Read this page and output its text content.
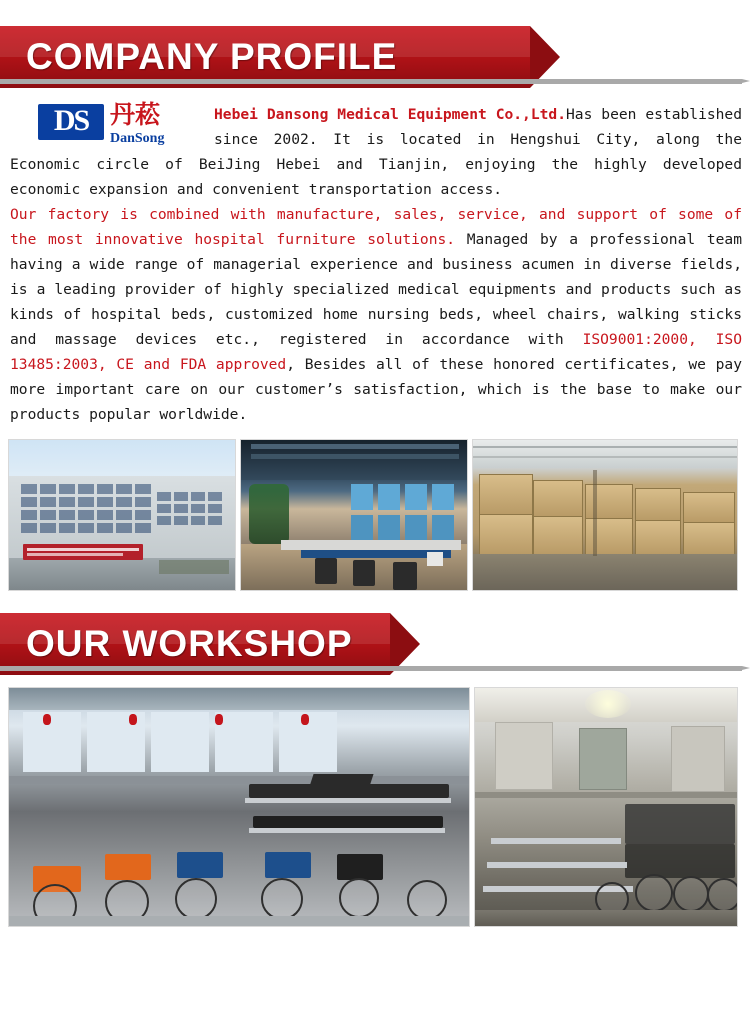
COMPANY PROFILE
DS 丹菘
DanSong
Hebei Dansong Medical Equipment Co.,Ltd.Has been established since 2002. It is located in Hengshui City, along the Economic circle of BeiJing Hebei and Tianjin, enjoying the highly developed economic expansion and convenient transportation access.
Our factory is combined with manufacture, sales, service, and support of some of the most innovative hospital furniture solutions. Managed by a professional team having a wide range of managerial experience and business acumen in diverse fields, is a leading provider of highly specialized medical equipments and products such as kinds of hospital beds, customized home nursing beds, wheel chairs, walking sticks and massage devices etc., registered in accordance with ISO9001:2000, ISO 13485:2003, CE and FDA approved, Besides all of these honored certificates, we pay more important care on our customer’s satisfaction, which is the base to make our products popular worldwide.
OUR WORKSHOP
